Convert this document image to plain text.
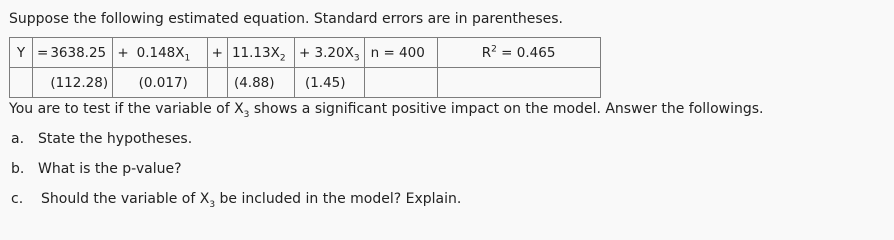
Suppose the following estimated equation. Standard errors are in parentheses.
Y	=	3638.25	+	$0.148X_1$	+	$11.13X_2$	+ $3.20X_3$	n = 400	$R^2 = 0.465$
		(112.28)		(0.017)		(4.88)	(1.45)		
You are to test if the variable of $X_3$ shows a significant positive impact on the model. Answer the followings.
a. State the hypotheses.
b. What is the p-value?
c. Should the variable of $X_3$ be included in the model? Explain.
